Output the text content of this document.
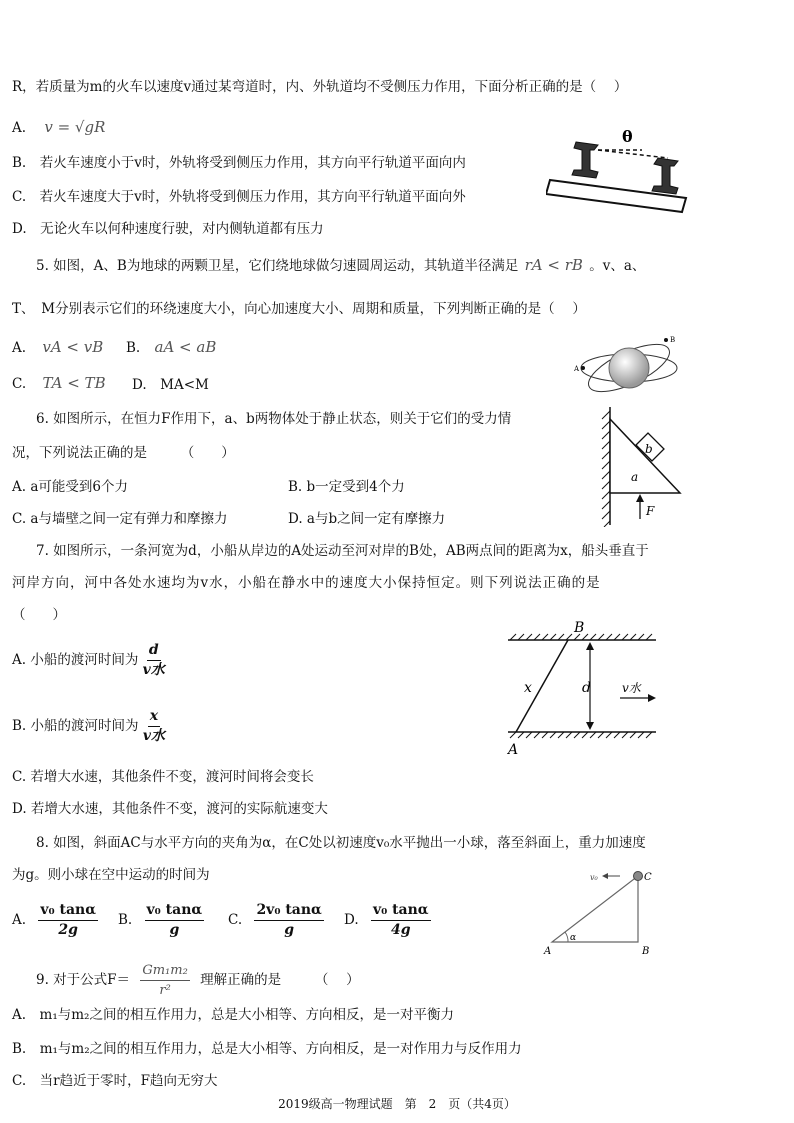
R，若质量为m的火车以速度v通过某弯道时，内、外轨道均不受侧压力作用，下面分析正确的是（　 ）
A. v = √gR
B.　若火车速度小于v时，外轨将受到侧压力作用，其方向平行轨道平面向内
C.　若火车速度大于v时，外轨将受到侧压力作用，其方向平行轨道平面向外
D.　无论火车以何种速度行驶，对内侧轨道都有压力
θ
5. 如图，A、B为地球的两颗卫星，它们绕地球做匀速圆周运动，其轨道半径满足 rA < rB 。v、a、
T、　M分别表示它们的环绕速度大小，向心加速度大小、周期和质量，下列判断正确的是（　 ）
A. vA < vB B. aA < aB
C. TA < TB D.　MA<M
A
B
6. 如图所示，在恒力F作用下，a、b两物体处于静止状态，则关于它们的受力情
况，下列说法正确的是　　　（　　）
A. a可能受到6个力	B. b一定受到4个力
C. a与墙壁之间一定有弹力和摩擦力	D. a与b之间一定有摩擦力
b
a
F
7. 如图所示，一条河宽为d，小船从岸边的A处运动至河对岸的B处，AB两点间的距离为x，船头垂直于
河岸方向，河中各处水速均为v水，小船在静水中的速度大小保持恒定。则下列说法正确的是
（　　）
A. 小船的渡河时间为 $\frac{d}{\text{v水}}$
B. 小船的渡河时间为 $\frac{x}{\text{v水}}$
C. 若增大水速，其他条件不变，渡河时间将会变长
D. 若增大水速，其他条件不变，渡河的实际航速变大
B
A
x	d	v水
8. 如图，斜面AC与水平方向的夹角为α，在C处以初速度v₀水平抛出一小球，落至斜面上，重力加速度
为g。则小球在空中运动的时间为
A. $\frac{\text{v₀ tanα}}{2g} B$. $\frac{\text{v₀ tanα}}{g} C$. $\frac{\text{2v₀ tanα}}{g} D$. $\frac{\text{v₀ tanα}}{4g}$
v₀	C
A	B
α
9. 对于公式$F= \frac{\text{Gm₁m₂}}{\text{r²}}$ 理解正确的是　　　（　 ）
A.　m₁与m₂之间的相互作用力，总是大小相等、方向相反，是一对平衡力
B.　m₁与m₂之间的相互作用力，总是大小相等、方向相反，是一对作用力与反作用力
C.　当r趋近于零时，F趋向无穷大
2019级高一物理试题　第　2　页（共4页）
